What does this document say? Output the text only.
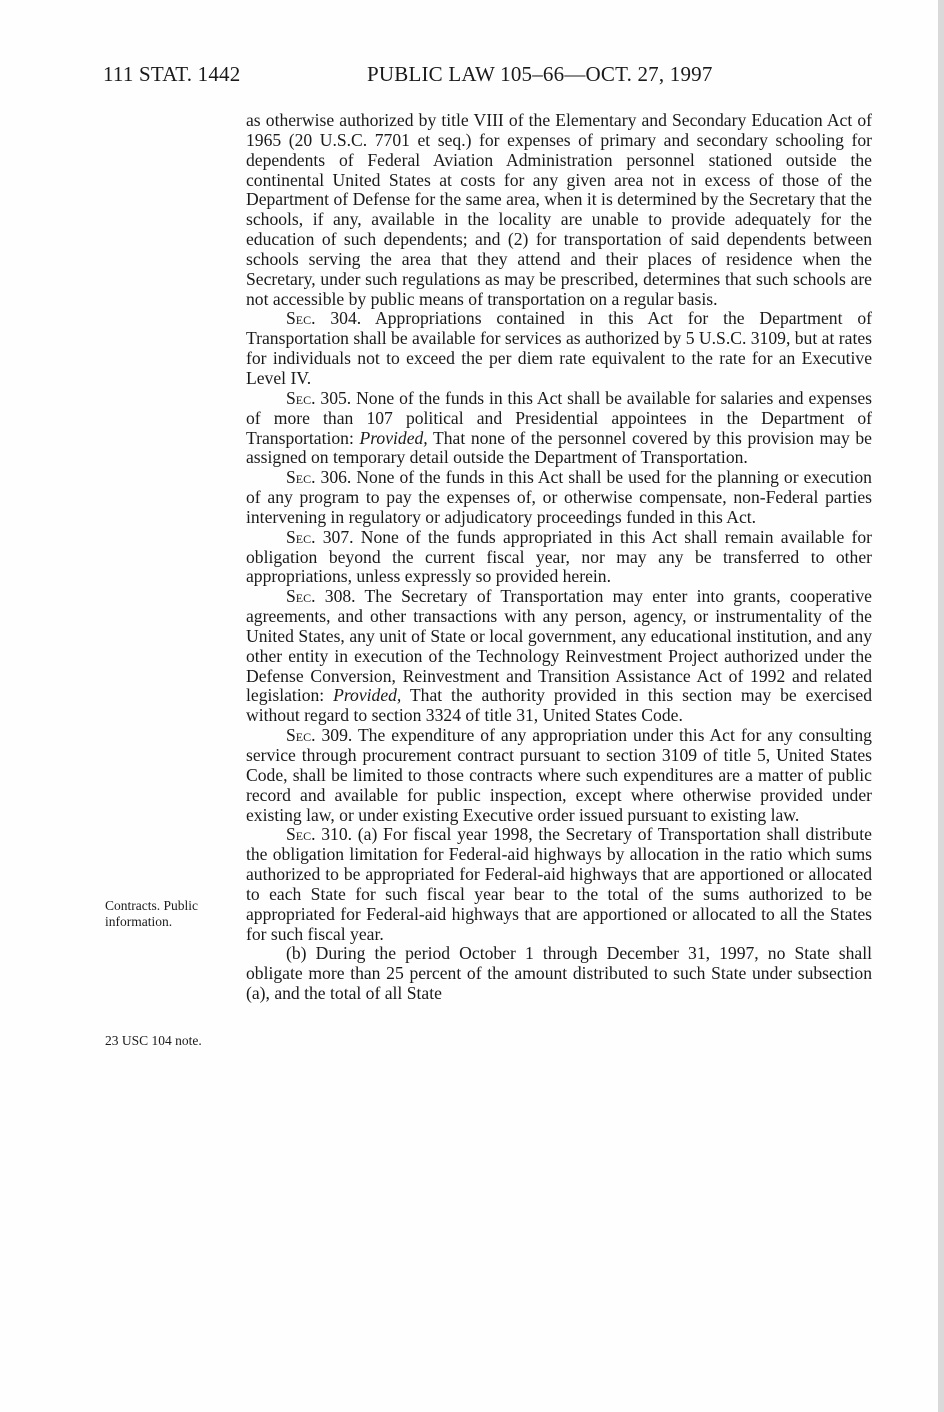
111 STAT. 1442	PUBLIC LAW 105–66—OCT. 27, 1997
Contracts. Public information.
23 USC 104 note.

as otherwise authorized by title VIII of the Elementary and Secondary Education Act of 1965 (20 U.S.C. 7701 et seq.) for expenses of primary and secondary schooling for dependents of Federal Aviation Administration personnel stationed outside the continental United States at costs for any given area not in excess of those of the Department of Defense for the same area, when it is determined by the Secretary that the schools, if any, available in the locality are unable to provide adequately for the education of such dependents; and (2) for transportation of said dependents between schools serving the area that they attend and their places of residence when the Secretary, under such regulations as may be prescribed, determines that such schools are not accessible by public means of transportation on a regular basis.

Sec. 304. Appropriations contained in this Act for the Department of Transportation shall be available for services as authorized by 5 U.S.C. 3109, but at rates for individuals not to exceed the per diem rate equivalent to the rate for an Executive Level IV.

Sec. 305. None of the funds in this Act shall be available for salaries and expenses of more than 107 political and Presidential appointees in the Department of Transportation: Provided, That none of the personnel covered by this provision may be assigned on temporary detail outside the Department of Transportation.

Sec. 306. None of the funds in this Act shall be used for the planning or execution of any program to pay the expenses of, or otherwise compensate, non-Federal parties intervening in regulatory or adjudicatory proceedings funded in this Act.

Sec. 307. None of the funds appropriated in this Act shall remain available for obligation beyond the current fiscal year, nor may any be transferred to other appropriations, unless expressly so provided herein.

Sec. 308. The Secretary of Transportation may enter into grants, cooperative agreements, and other transactions with any person, agency, or instrumentality of the United States, any unit of State or local government, any educational institution, and any other entity in execution of the Technology Reinvestment Project authorized under the Defense Conversion, Reinvestment and Transition Assistance Act of 1992 and related legislation: Provided, That the authority provided in this section may be exercised without regard to section 3324 of title 31, United States Code.

Sec. 309. The expenditure of any appropriation under this Act for any consulting service through procurement contract pursuant to section 3109 of title 5, United States Code, shall be limited to those contracts where such expenditures are a matter of public record and available for public inspection, except where otherwise provided under existing law, or under existing Executive order issued pursuant to existing law.

Sec. 310. (a) For fiscal year 1998, the Secretary of Transportation shall distribute the obligation limitation for Federal-aid highways by allocation in the ratio which sums authorized to be appropriated for Federal-aid highways that are apportioned or allocated to each State for such fiscal year bear to the total of the sums authorized to be appropriated for Federal-aid highways that are apportioned or allocated to all the States for such fiscal year.

(b) During the period October 1 through December 31, 1997, no State shall obligate more than 25 percent of the amount distributed to such State under subsection (a), and the total of all State
